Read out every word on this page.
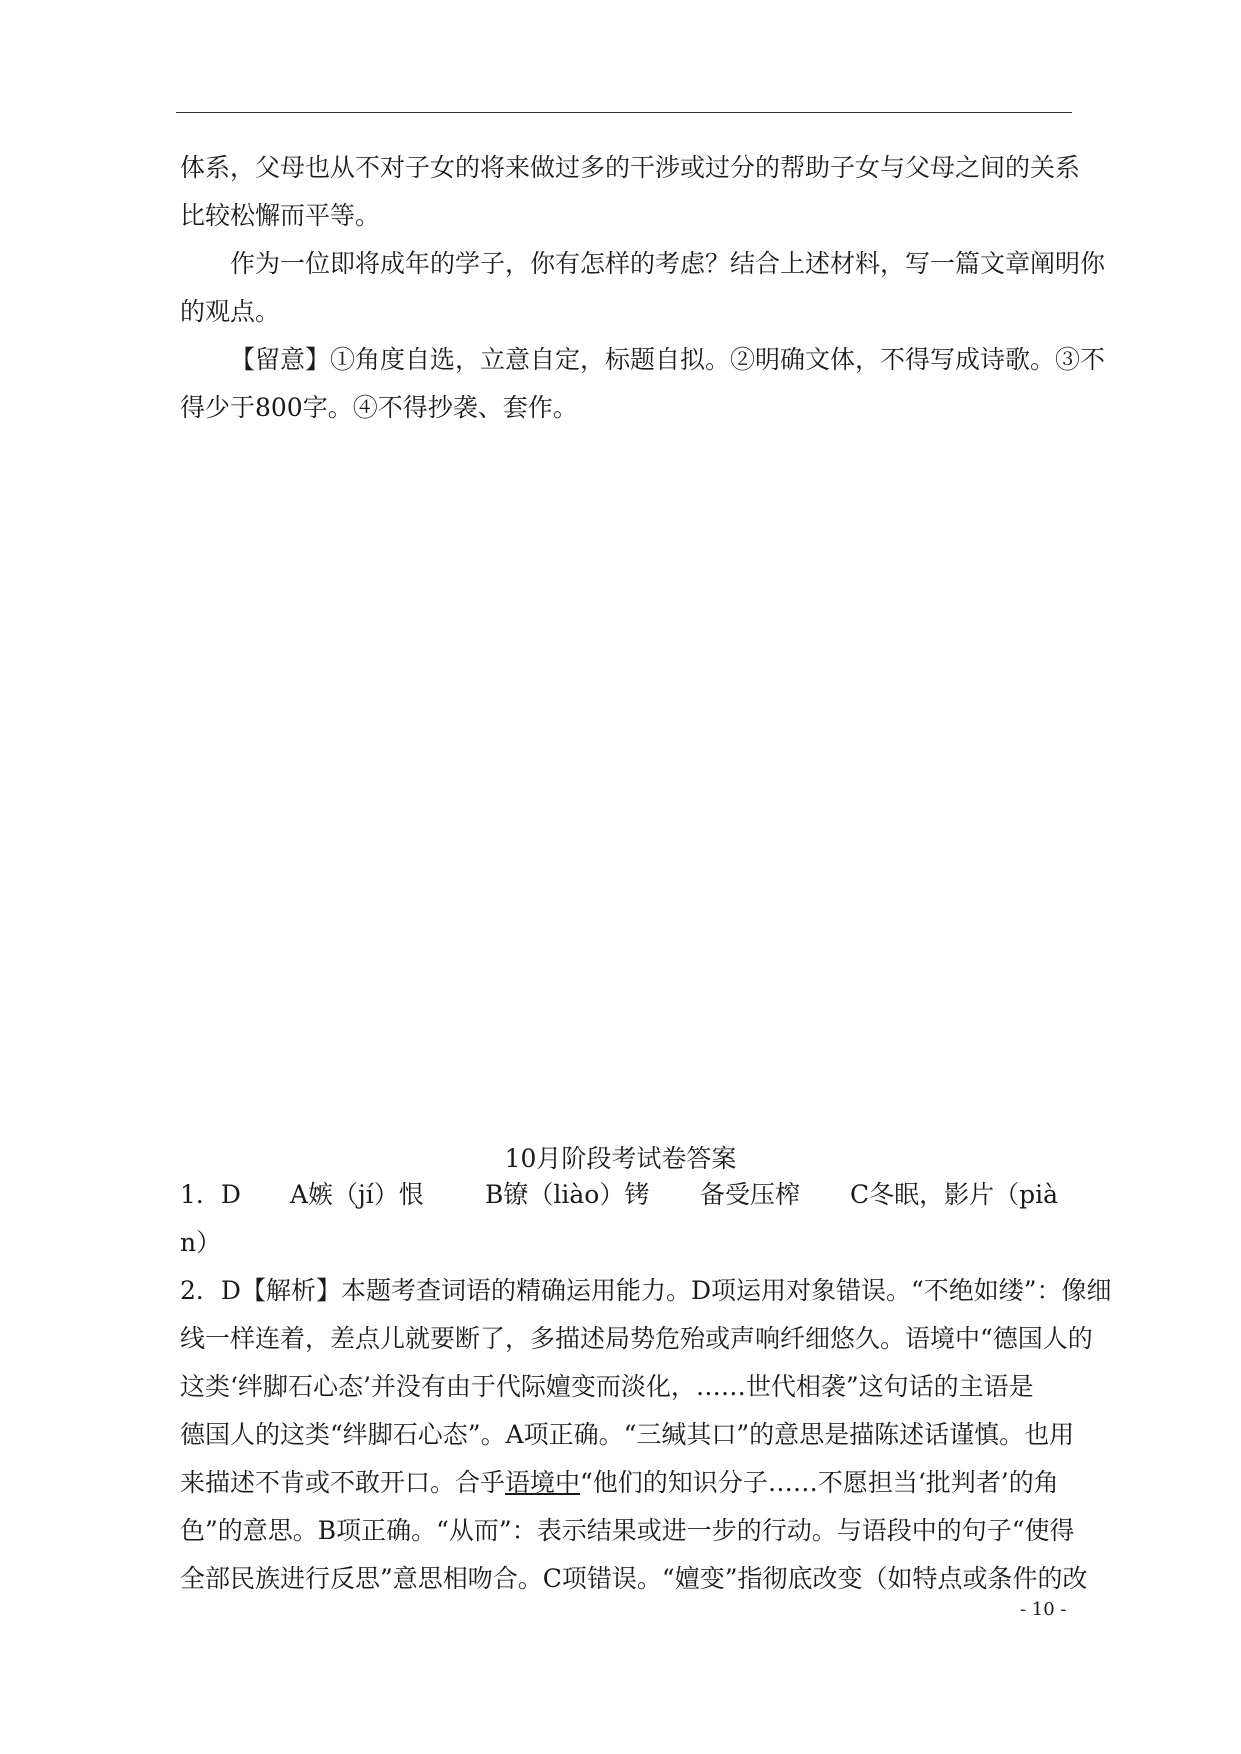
体系，父母也从不对子女的将来做过多的干涉或过分的帮助子女与父母之间的关系

比较松懈而平等。

作为一位即将成年的学子，你有怎样的考虑？结合上述材料，写一篇文章阐明你

的观点。

【留意】①角度自选，立意自定，标题自拟。②明确文体，不得写成诗歌。③不

得少于800字。④不得抄袭、套作。

10月阶段考试卷答案

1．D A嫉（jí）恨 B镣（liào）铐 备受压榨 C冬眠，影片（pià

n）

2．D【解析】本题考查词语的精确运用能力。D项运用对象错误。“不绝如缕”：像细

线一样连着，差点儿就要断了，多描述局势危殆或声响纤细悠久。语境中“德国人的

这类‘绊脚石心态’并没有由于代际嬗变而淡化，……世代相袭”这句话的主语是

德国人的这类“绊脚石心态”。A项正确。“三缄其口”的意思是描陈述话谨慎。也用

来描述不肯或不敢开口。合乎语境中“他们的知识分子……不愿担当‘批判者’的角

色”的意思。B项正确。“从而”：表示结果或进一步的行动。与语段中的句子“使得

全部民族进行反思”意思相吻合。C项错误。“嬗变”指彻底改变（如特点或条件的改

- 10 -
